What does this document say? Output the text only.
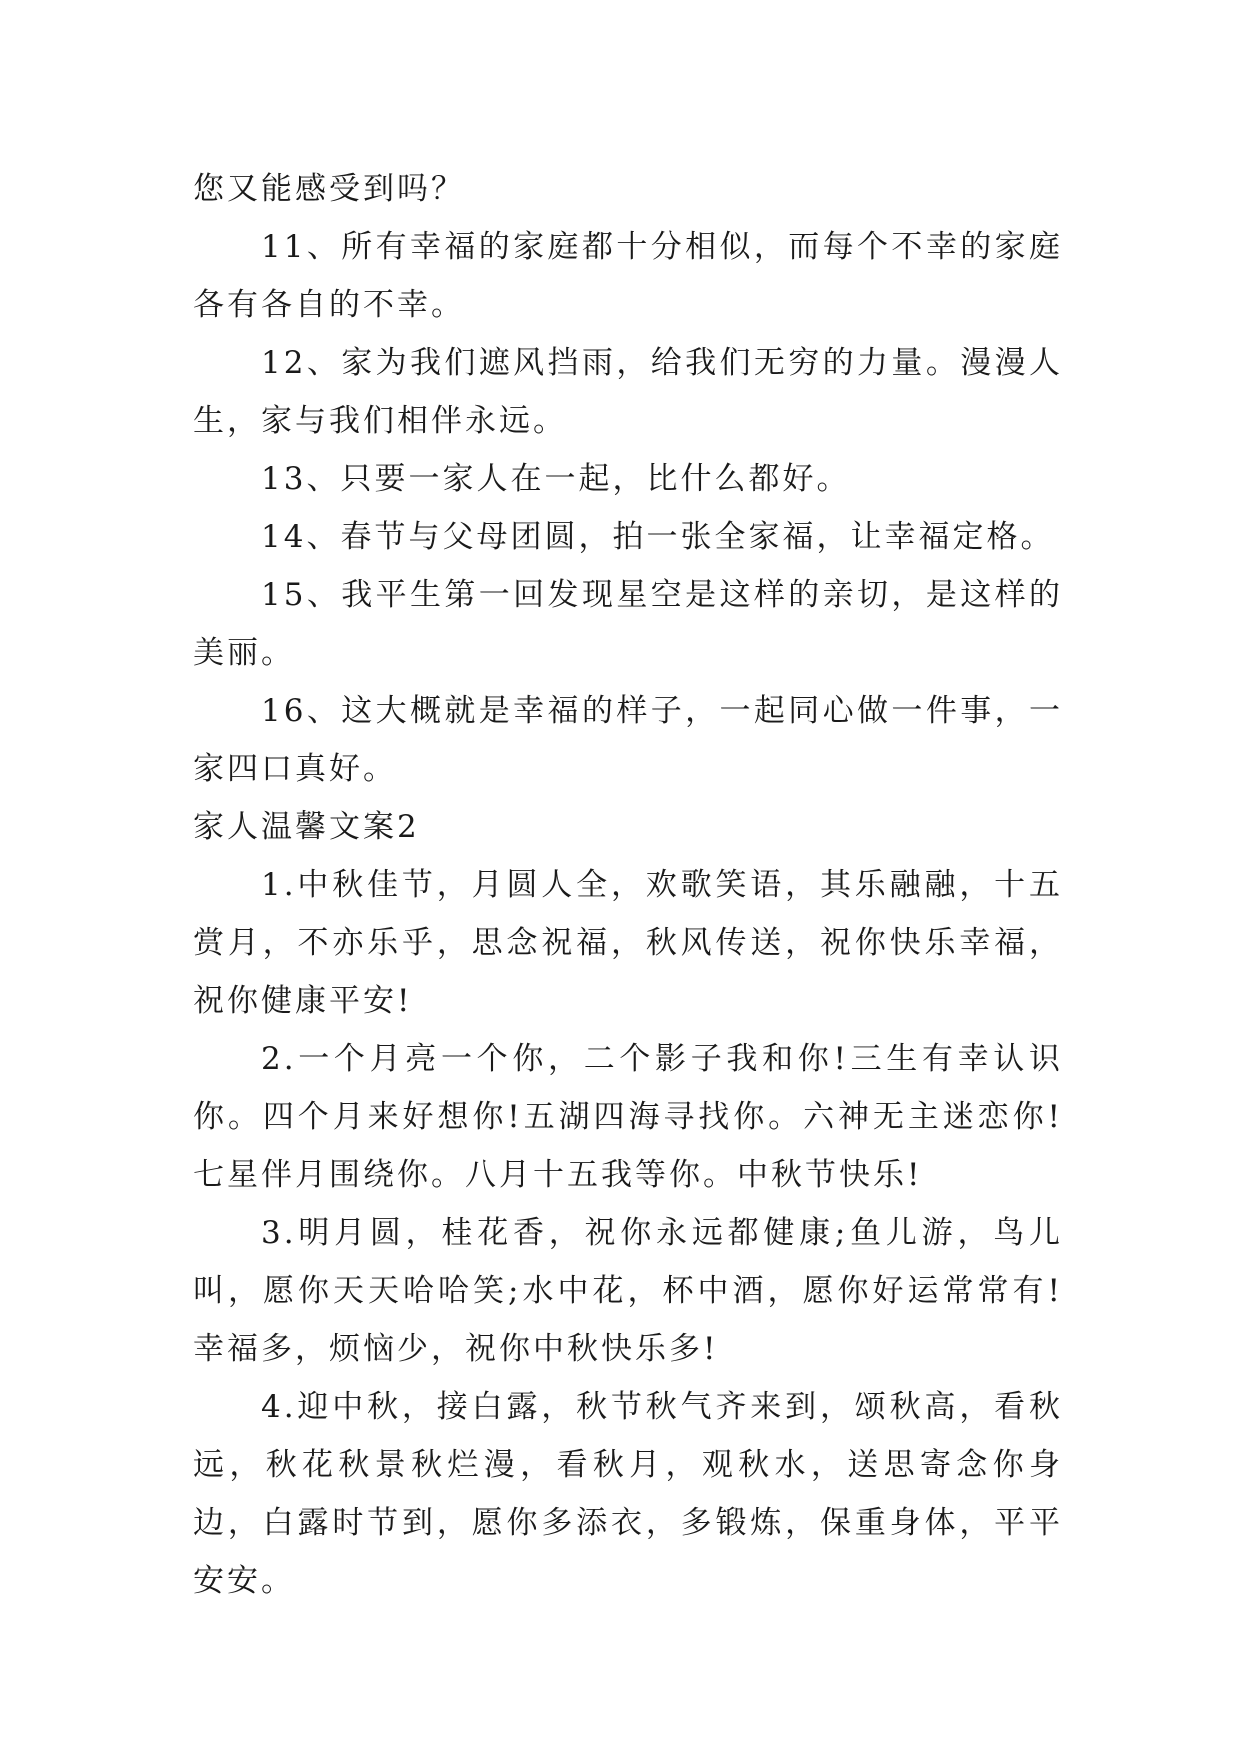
您又能感受到吗？

11、所有幸福的家庭都十分相似，而每个不幸的家庭各有各自的不幸。

12、家为我们遮风挡雨，给我们无穷的力量。漫漫人生，家与我们相伴永远。

13、只要一家人在一起，比什么都好。

14、春节与父母团圆，拍一张全家福，让幸福定格。

15、我平生第一回发现星空是这样的亲切，是这样的美丽。

16、这大概就是幸福的样子，一起同心做一件事，一家四口真好。

家人温馨文案2

1.中秋佳节，月圆人全，欢歌笑语，其乐融融，十五赏月，不亦乐乎，思念祝福，秋风传送，祝你快乐幸福，祝你健康平安!

2.一个月亮一个你，二个影子我和你!三生有幸认识你。四个月来好想你!五湖四海寻找你。六神无主迷恋你!七星伴月围绕你。八月十五我等你。中秋节快乐!

3.明月圆，桂花香，祝你永远都健康;鱼儿游，鸟儿叫，愿你天天哈哈笑;水中花，杯中酒，愿你好运常常有!幸福多，烦恼少，祝你中秋快乐多!

4.迎中秋，接白露，秋节秋气齐来到，颂秋高，看秋远，秋花秋景秋烂漫，看秋月，观秋水，送思寄念你身边，白露时节到，愿你多添衣，多锻炼，保重身体，平平安安。
